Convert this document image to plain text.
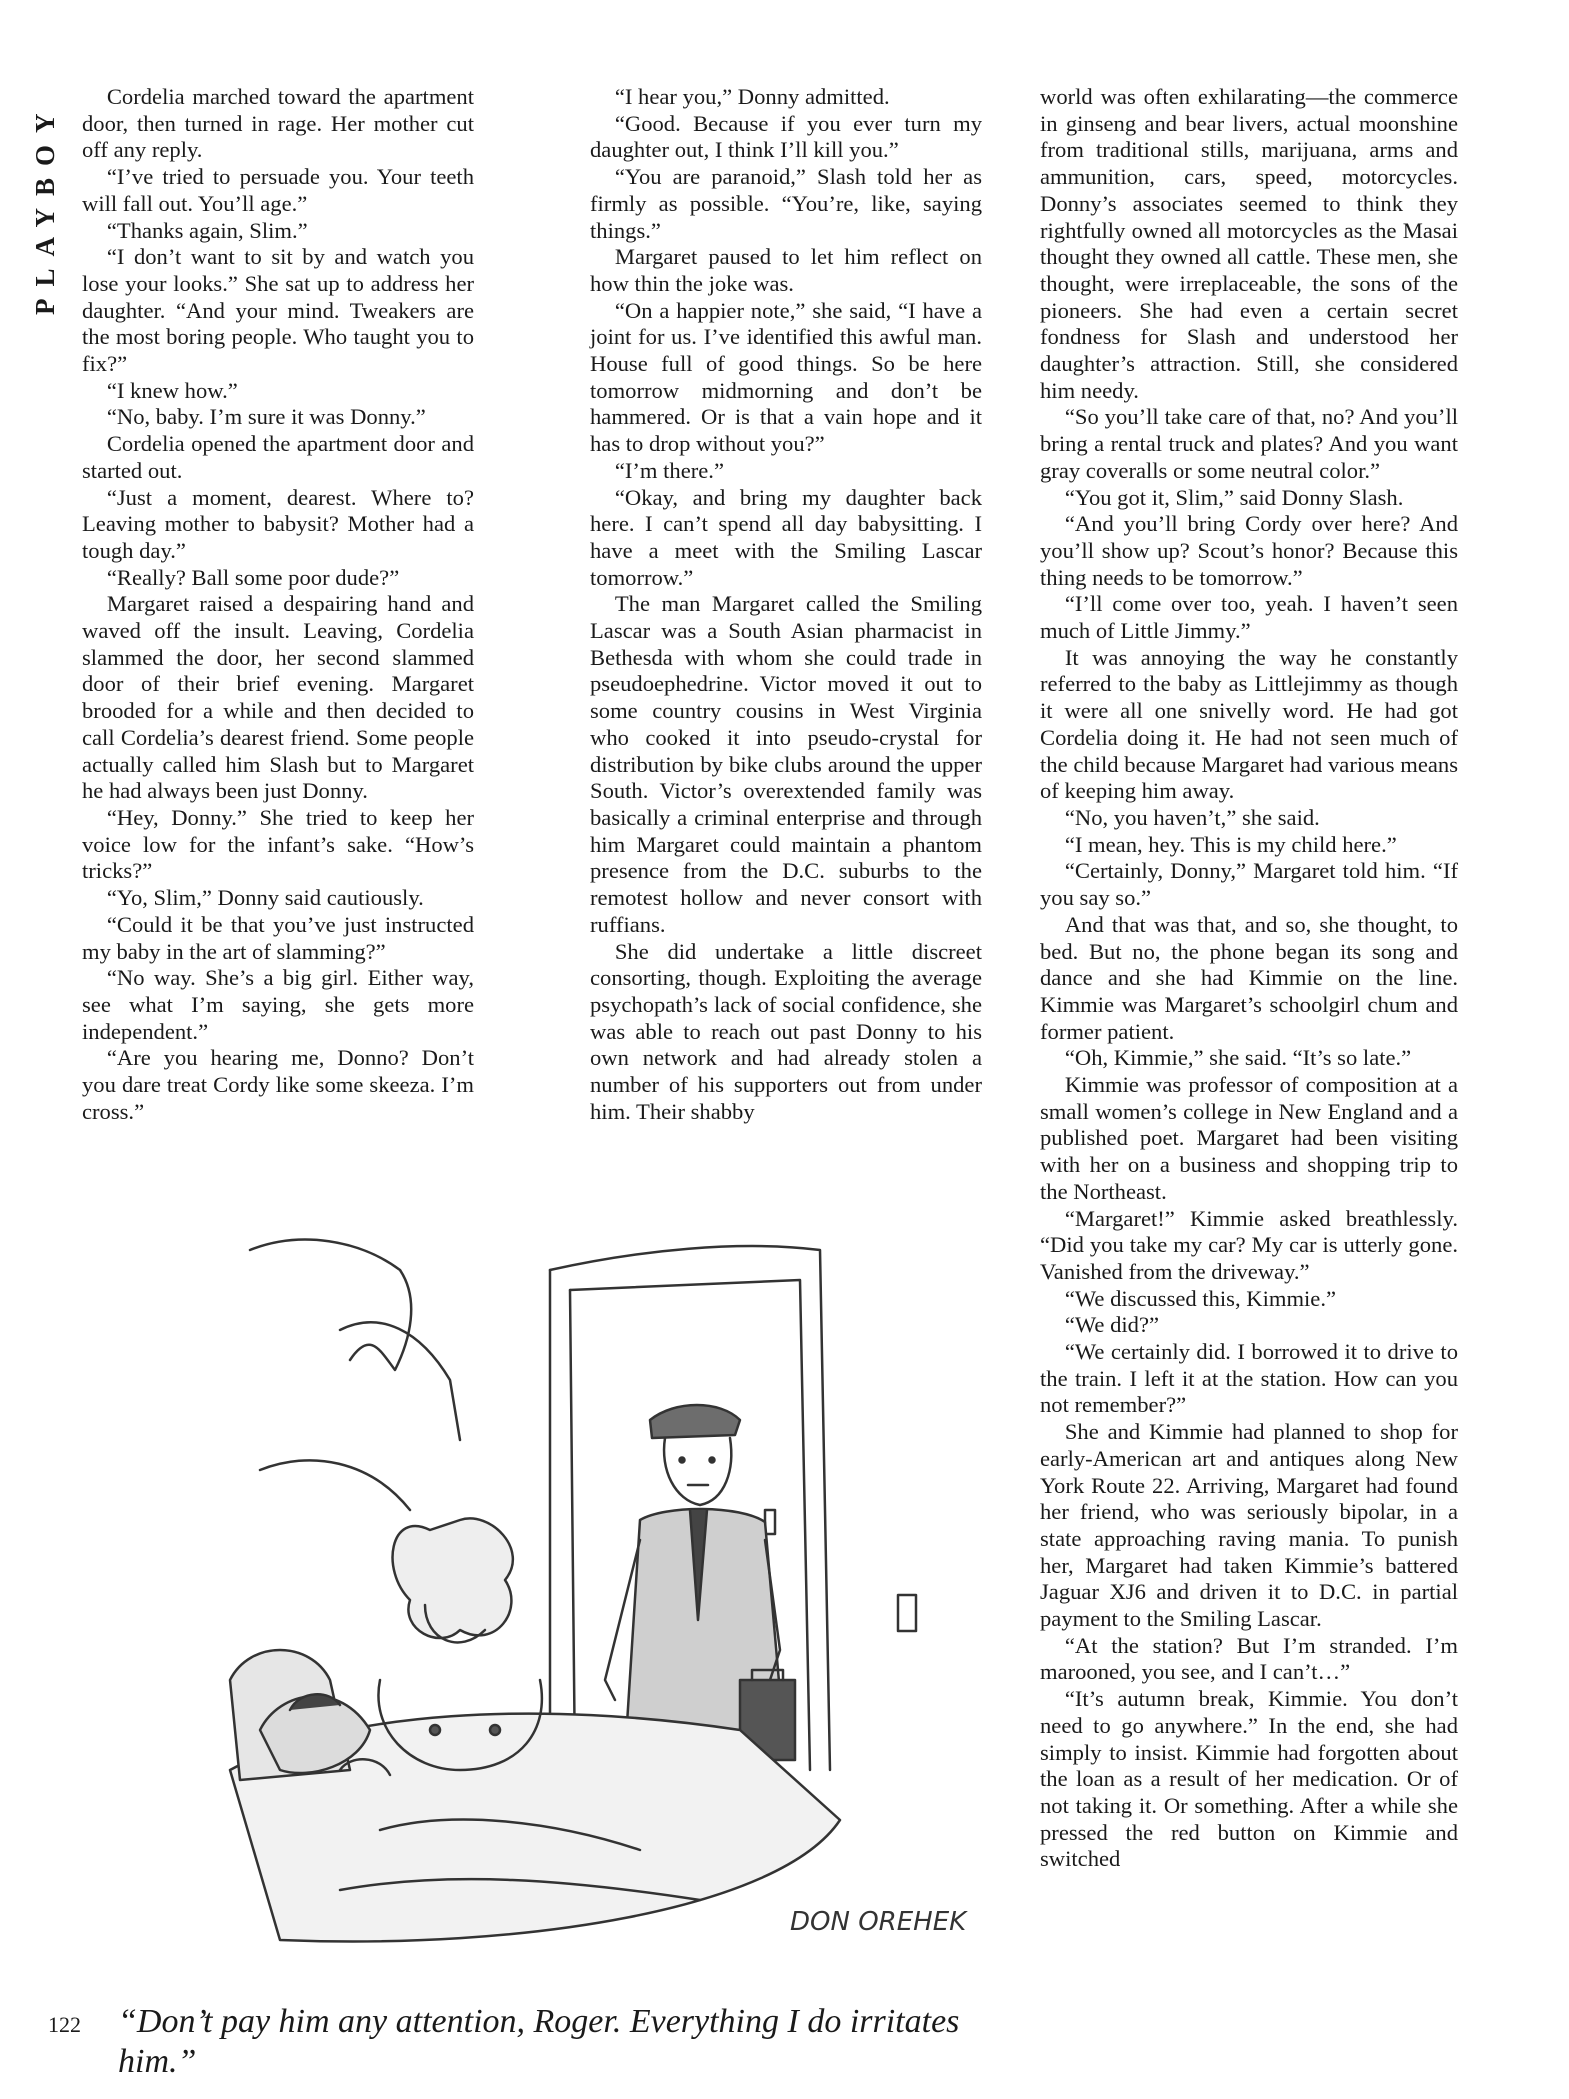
PLAYBOY

Cordelia marched toward the apartment door, then turned in rage. Her mother cut off any reply.

“I’ve tried to persuade you. Your teeth will fall out. You’ll age.”

“Thanks again, Slim.”

“I don’t want to sit by and watch you lose your looks.” She sat up to address her daughter. “And your mind. Tweakers are the most boring people. Who taught you to fix?”

“I knew how.”

“No, baby. I’m sure it was Donny.”

Cordelia opened the apartment door and started out.

“Just a moment, dearest. Where to? Leaving mother to babysit? Mother had a tough day.”

“Really? Ball some poor dude?”

Margaret raised a despairing hand and waved off the insult. Leaving, Cordelia slammed the door, her second slammed door of their brief evening. Margaret brooded for a while and then decided to call Cordelia’s dearest friend. Some people actually called him Slash but to Margaret he had always been just Donny.

“Hey, Donny.” She tried to keep her voice low for the infant’s sake. “How’s tricks?”

“Yo, Slim,” Donny said cautiously.

“Could it be that you’ve just instructed my baby in the art of slamming?”

“No way. She’s a big girl. Either way, see what I’m saying, she gets more independent.”

“Are you hearing me, Donno? Don’t you dare treat Cordy like some skeeza. I’m cross.”

“I hear you,” Donny admitted.

“Good. Because if you ever turn my daughter out, I think I’ll kill you.”

“You are paranoid,” Slash told her as firmly as possible. “You’re, like, saying things.”

Margaret paused to let him reflect on how thin the joke was.

“On a happier note,” she said, “I have a joint for us. I’ve identified this awful man. House full of good things. So be here tomorrow midmorning and don’t be hammered. Or is that a vain hope and it has to drop without you?”

“I’m there.”

“Okay, and bring my daughter back here. I can’t spend all day babysitting. I have a meet with the Smiling Lascar tomorrow.”

The man Margaret called the Smiling Lascar was a South Asian pharmacist in Bethesda with whom she could trade in pseudoephedrine. Victor moved it out to some country cousins in West Virginia who cooked it into pseudo-crystal for distribution by bike clubs around the upper South. Victor’s overextended family was basically a criminal enterprise and through him Margaret could maintain a phantom presence from the D.C. suburbs to the remotest hollow and never consort with ruffians.

She did undertake a little discreet consorting, though. Exploiting the average psychopath’s lack of social confidence, she was able to reach out past Donny to his own network and had already stolen a number of his supporters out from under him. Their shabby

world was often exhilarating—the commerce in ginseng and bear livers, actual moonshine from traditional stills, marijuana, arms and ammunition, cars, speed, motorcycles. Donny’s associates seemed to think they rightfully owned all motorcycles as the Masai thought they owned all cattle. These men, she thought, were irreplaceable, the sons of the pioneers. She had even a certain secret fondness for Slash and understood her daughter’s attraction. Still, she considered him needy.

“So you’ll take care of that, no? And you’ll bring a rental truck and plates? And you want gray coveralls or some neutral color.”

“You got it, Slim,” said Donny Slash.

“And you’ll bring Cordy over here? And you’ll show up? Scout’s honor? Because this thing needs to be tomorrow.”

“I’ll come over too, yeah. I haven’t seen much of Little Jimmy.”

It was annoying the way he constantly referred to the baby as Littlejimmy as though it were all one snivelly word. He had got Cordelia doing it. He had not seen much of the child because Margaret had various means of keeping him away.

“No, you haven’t,” she said.

“I mean, hey. This is my child here.”

“Certainly, Donny,” Margaret told him. “If you say so.”

And that was that, and so, she thought, to bed. But no, the phone began its song and dance and she had Kimmie on the line. Kimmie was Margaret’s schoolgirl chum and former patient.

“Oh, Kimmie,” she said. “It’s so late.”

Kimmie was professor of composition at a small women’s college in New England and a published poet. Margaret had been visiting with her on a business and shopping trip to the Northeast.

“Margaret!” Kimmie asked breathlessly. “Did you take my car? My car is utterly gone. Vanished from the driveway.”

“We discussed this, Kimmie.”

“We did?”

“We certainly did. I borrowed it to drive to the train. I left it at the station. How can you not remember?”

She and Kimmie had planned to shop for early-American art and antiques along New York Route 22. Arriving, Margaret had found her friend, who was seriously bipolar, in a state approaching raving mania. To punish her, Margaret had taken Kimmie’s battered Jaguar XJ6 and driven it to D.C. in partial payment to the Smiling Lascar.

“At the station? But I’m stranded. I’m marooned, you see, and I can’t…”

“It’s autumn break, Kimmie. You don’t need to go anywhere.” In the end, she had simply to insist. Kimmie had forgotten about the loan as a result of her medication. Or of not taking it. Or something. After a while she pressed the red button on Kimmie and switched

DON OREHEK
122 “Don’t pay him any attention, Roger. Everything I do irritates him.”
